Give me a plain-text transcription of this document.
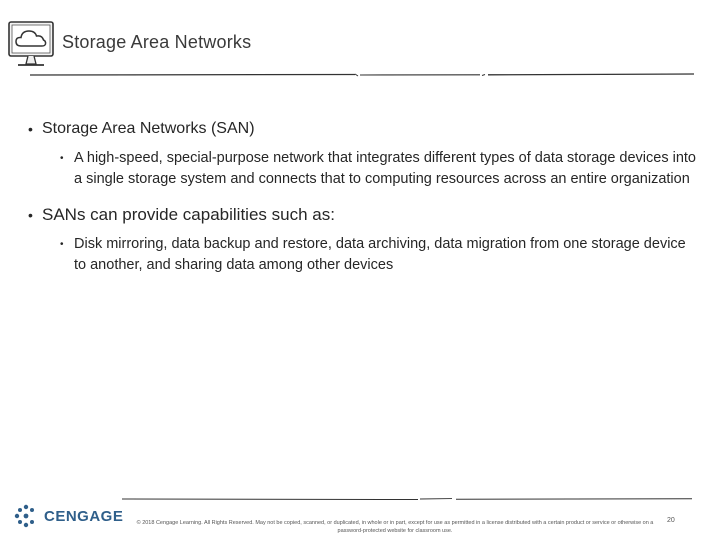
Storage Area Networks
• Storage Area Networks (SAN)
• A high-speed, special-purpose network that integrates different types of data storage devices into a single storage system and connects that to computing resources across an entire organization
• SANs can provide capabilities such as:
• Disk mirroring, data backup and restore, data archiving, data migration from one storage device to another, and sharing data among other devices
CENGAGE	© 2018 Cengage Learning. All Rights Reserved. May not be copied, scanned, or duplicated, in whole or in part, except for use as permitted in a license distributed with a certain product or service or otherwise on a password-protected website for classroom use.
20
